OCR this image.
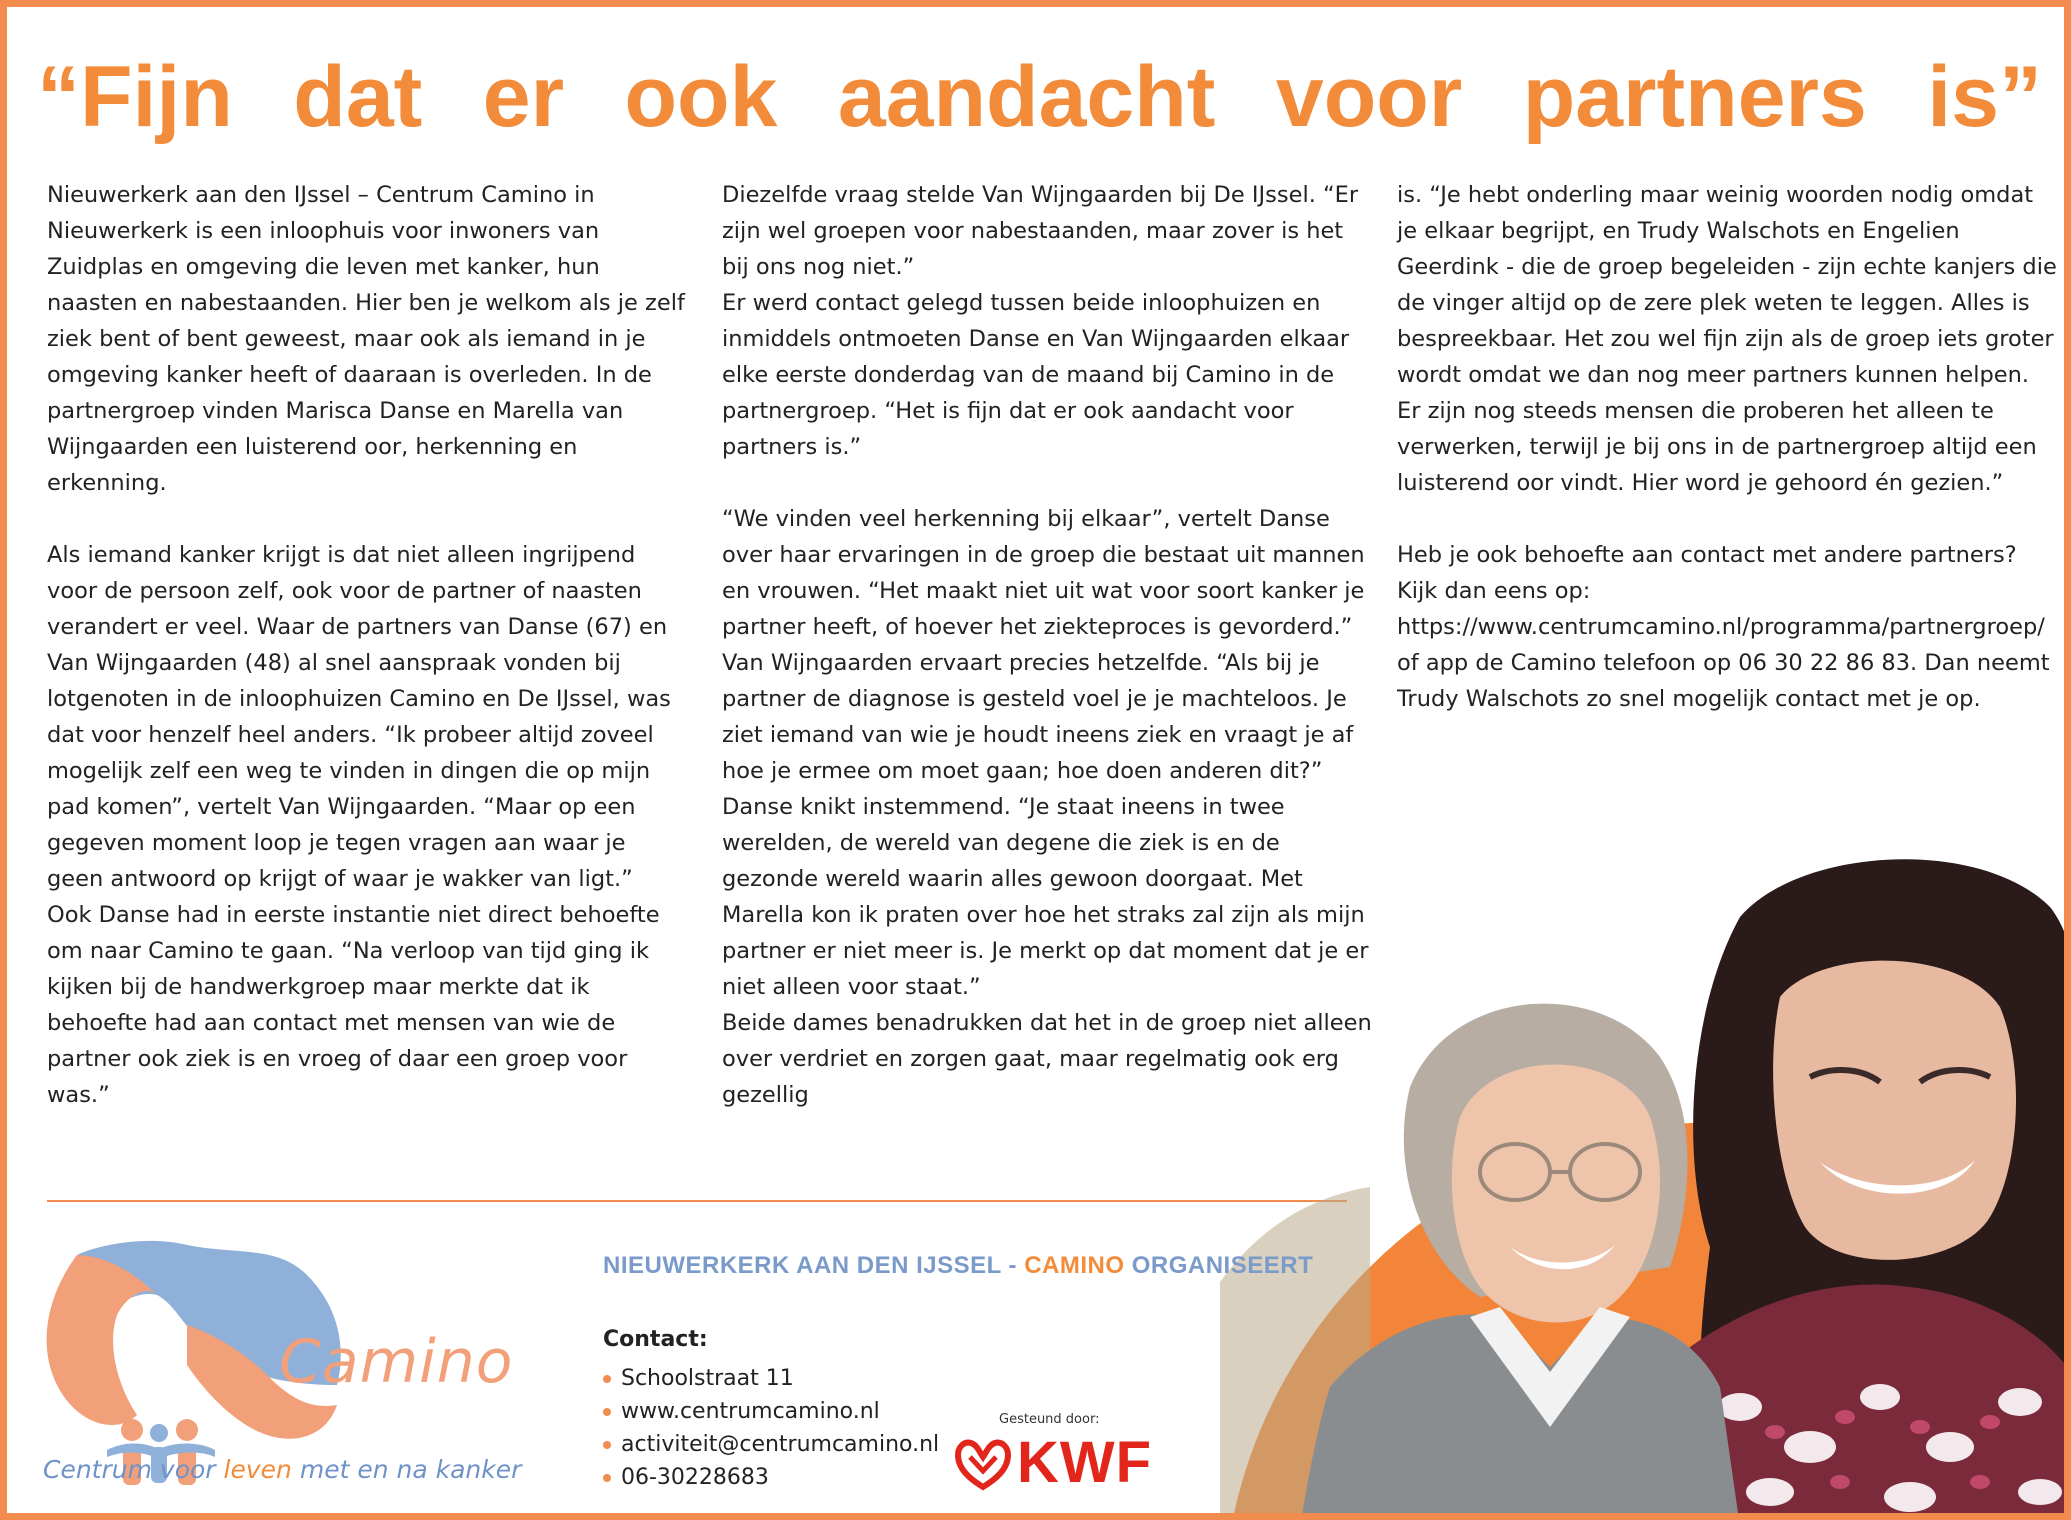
“Fijn dat er ook aandacht voor partners is”

Nieuwerkerk aan den IJssel – Centrum Camino in Nieuwerkerk is een inloophuis voor inwoners van Zuidplas en omgeving die leven met kanker, hun naasten en nabestaanden. Hier ben je welkom als je zelf ziek bent of bent geweest, maar ook als iemand in je omgeving kanker heeft of daaraan is overleden. In de partnergroep vinden Marisca Danse en Marella van Wijngaarden een luisterend oor, herkenning en erkenning.

Als iemand kanker krijgt is dat niet alleen ingrijpend voor de persoon zelf, ook voor de partner of naasten verandert er veel. Waar de partners van Danse (67) en Van Wijngaarden (48) al snel aanspraak vonden bij lotgenoten in de inloophuizen Camino en De IJssel, was dat voor henzelf heel anders. “Ik probeer altijd zoveel mogelijk zelf een weg te vinden in dingen die op mijn pad komen”, vertelt Van Wijngaarden. “Maar op een gegeven moment loop je tegen vragen aan waar je geen antwoord op krijgt of waar je wakker van ligt.”

Ook Danse had in eerste instantie niet direct behoefte om naar Camino te gaan. “Na verloop van tijd ging ik kijken bij de handwerkgroep maar merkte dat ik behoefte had aan contact met mensen van wie de partner ook ziek is en vroeg of daar een groep voor was.”

Diezelfde vraag stelde Van Wijngaarden bij De IJssel. “Er zijn wel groepen voor nabestaanden, maar zover is het bij ons nog niet.”

Er werd contact gelegd tussen beide inloophuizen en inmiddels ontmoeten Danse en Van Wijngaarden elkaar elke eerste donderdag van de maand bij Camino in de partnergroep. “Het is fijn dat er ook aandacht voor partners is.”

“We vinden veel herkenning bij elkaar”, vertelt Danse over haar ervaringen in de groep die bestaat uit mannen en vrouwen. “Het maakt niet uit wat voor soort kanker je partner heeft, of hoever het ziekteproces is gevorderd.” Van Wijngaarden ervaart precies hetzelfde. “Als bij je partner de diagnose is gesteld voel je je machteloos. Je ziet iemand van wie je houdt ineens ziek en vraagt je af hoe je ermee om moet gaan; hoe doen anderen dit?”

Danse knikt instemmend. “Je staat ineens in twee werelden, de wereld van degene die ziek is en de gezonde wereld waarin alles gewoon doorgaat. Met Marella kon ik praten over hoe het straks zal zijn als mijn partner er niet meer is. Je merkt op dat moment dat je er niet alleen voor staat.”

Beide dames benadrukken dat het in de groep niet alleen over verdriet en zorgen gaat, maar regelmatig ook erg gezellig

is. “Je hebt onderling maar weinig woorden nodig omdat je elkaar begrijpt, en Trudy Walschots en Engelien Geerdink - die de groep begeleiden - zijn echte kanjers die de vinger altijd op de zere plek weten te leggen. Alles is bespreekbaar. Het zou wel fijn zijn als de groep iets groter wordt omdat we dan nog meer partners kunnen helpen. Er zijn nog steeds mensen die proberen het alleen te verwerken, terwijl je bij ons in de partnergroep altijd een luisterend oor vindt. Hier word je gehoord én gezien.”

Heb je ook behoefte aan contact met andere partners? Kijk dan eens op: https://www.centrumcamino.nl/programma/partnergroep/ of app de Camino telefoon op 06 30 22 86 83. Dan neemt Trudy Walschots zo snel mogelijk contact met je op.

Camino
Centrum voor leven met en na kanker
NIEUWERKERK AAN DEN IJSSEL - CAMINO ORGANISEERT
Contact:
Schoolstraat 11
www.centrumcamino.nl
activiteit@centrumcamino.nl
06-30228683
Gesteund door:
KWF
